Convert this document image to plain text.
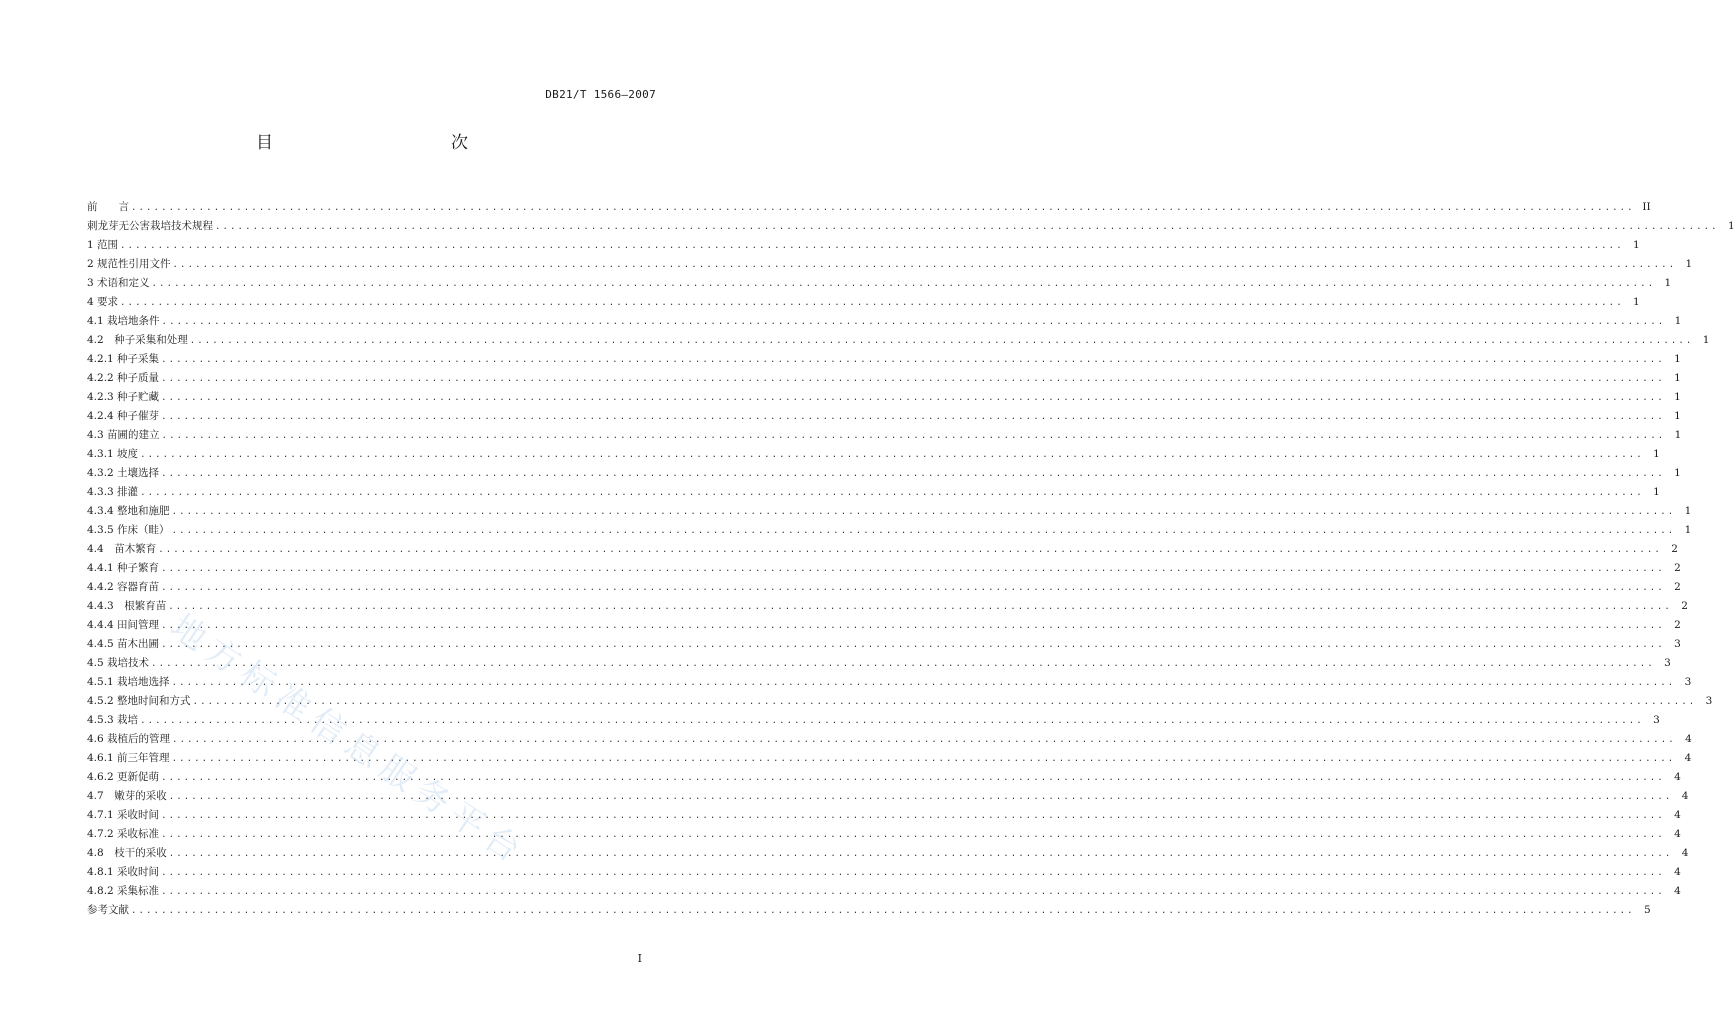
DB21/T 1566—2007
目　　次
前　　言 ........................................................................................................................................................................................................ II
刺龙芽无公害栽培技术规程 ........................................................................................................................................................................................................ 1
1 范围 ........................................................................................................................................................................................................ 1
2 规范性引用文件 ........................................................................................................................................................................................................ 1
3 术语和定义 ........................................................................................................................................................................................................ 1
4 要求 ........................................................................................................................................................................................................ 1
4.1 栽培地条件 ........................................................................................................................................................................................................ 1
4.2　种子采集和处理 ........................................................................................................................................................................................................ 1
4.2.1 种子采集 ........................................................................................................................................................................................................ 1
4.2.2 种子质量 ........................................................................................................................................................................................................ 1
4.2.3 种子贮藏 ........................................................................................................................................................................................................ 1
4.2.4 种子催芽 ........................................................................................................................................................................................................ 1
4.3 苗圃的建立 ........................................................................................................................................................................................................ 1
4.3.1 坡度 ........................................................................................................................................................................................................ 1
4.3.2 土壤选择 ........................................................................................................................................................................................................ 1
4.3.3 排灌 ........................................................................................................................................................................................................ 1
4.3.4 整地和施肥 ........................................................................................................................................................................................................ 1
4.3.5 作床（畦） ........................................................................................................................................................................................................ 1
4.4　苗木繁育 ........................................................................................................................................................................................................ 2
4.4.1 种子繁育 ........................................................................................................................................................................................................ 2
4.4.2 容器育苗 ........................................................................................................................................................................................................ 2
4.4.3　根繁育苗 ........................................................................................................................................................................................................ 2
4.4.4 田间管理 ........................................................................................................................................................................................................ 2
4.4.5 苗木出圃 ........................................................................................................................................................................................................ 3
4.5 栽培技术 ........................................................................................................................................................................................................ 3
4.5.1 栽培地选择 ........................................................................................................................................................................................................ 3
4.5.2 整地时间和方式 ........................................................................................................................................................................................................ 3
4.5.3 栽培 ........................................................................................................................................................................................................ 3
4.6 栽植后的管理 ........................................................................................................................................................................................................ 4
4.6.1 前三年管理 ........................................................................................................................................................................................................ 4
4.6.2 更新促萌 ........................................................................................................................................................................................................ 4
4.7　嫩芽的采收 ........................................................................................................................................................................................................ 4
4.7.1 采收时间 ........................................................................................................................................................................................................ 4
4.7.2 采收标准 ........................................................................................................................................................................................................ 4
4.8　枝干的采收 ........................................................................................................................................................................................................ 4
4.8.1 采收时间 ........................................................................................................................................................................................................ 4
4.8.2 采集标准 ........................................................................................................................................................................................................ 4
参考文献 ........................................................................................................................................................................................................ 5
地方标准信息服务平台
I
